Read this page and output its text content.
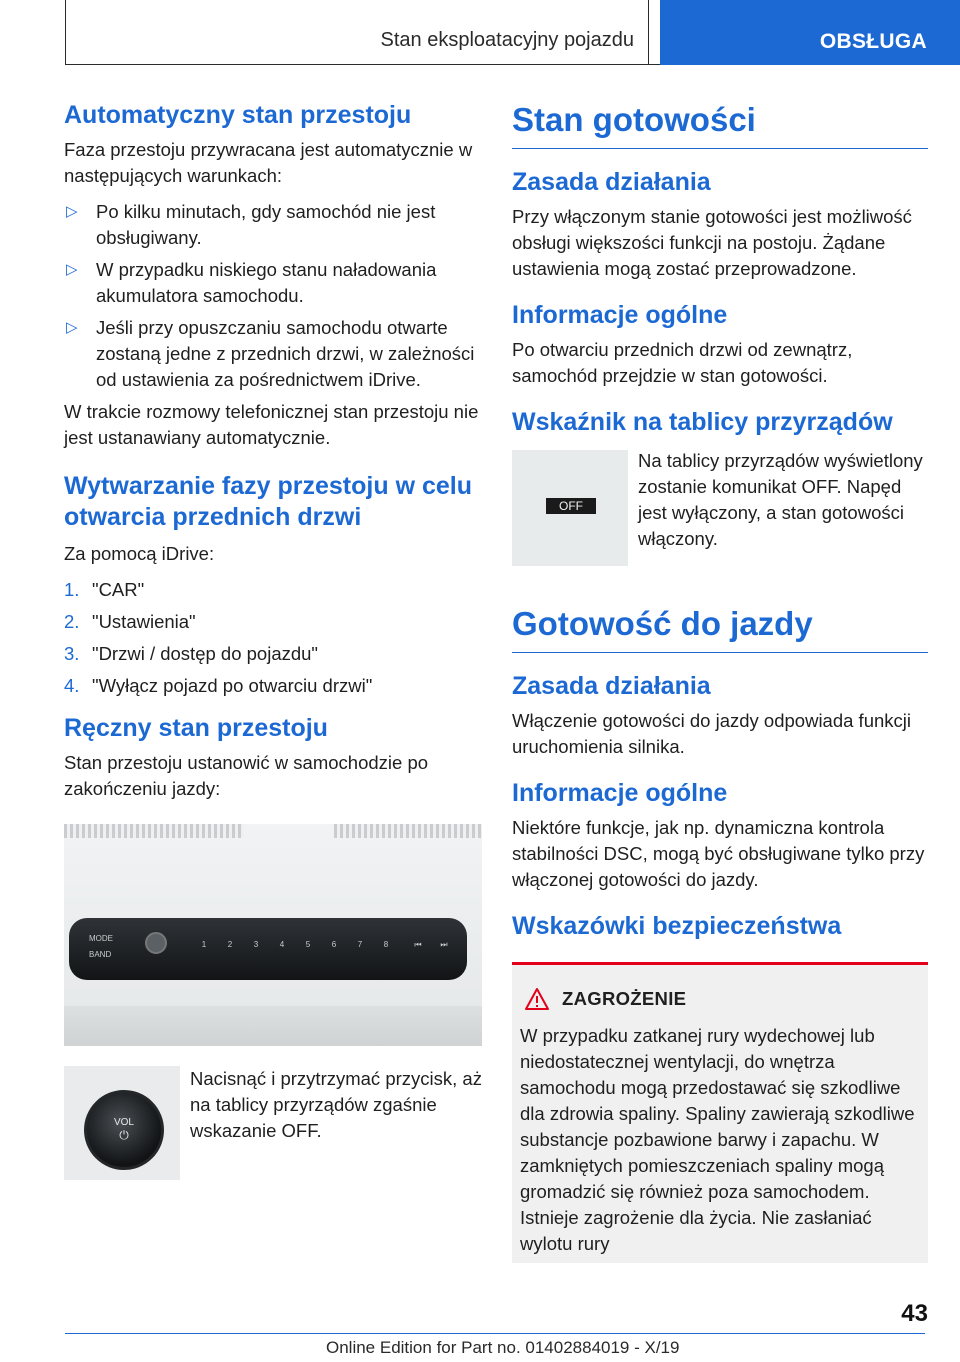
Stan eksploatacyjny pojazdu	OBSŁUGA
Automatyczny stan przestoju

Faza przestoju przywracana jest automatycznie w następujących warunkach:

▷ Po kilku minutach, gdy samochód nie jest obsługiwany.
▷ W przypadku niskiego stanu naładowania akumulatora samochodu.
▷ Jeśli przy opuszczaniu samochodu otwarte zostaną jedne z przednich drzwi, w zależności od ustawienia za pośrednictwem iDrive.

W trakcie rozmowy telefonicznej stan przestoju nie jest ustanawiany automatycznie.

Wytwarzanie fazy przestoju w celu otwarcia przednich drzwi

Za pomocą iDrive:

1. "CAR"
2. "Ustawienia"
3. "Drzwi / dostęp do pojazdu"
4. "Wyłącz pojazd po otwarciu drzwi"
Ręczny stan przestoju

Stan przestoju ustanowić w samochodzie po zakończeniu jazdy:

MODE
BAND
1	2	3	4	5	6	7	8	⏮	⏭
VOL
⏻

Nacisnąć i przytrzymać przycisk, aż na tablicy przyrządów zgaśnie wskazanie OFF.

Stan gotowości
Zasada działania

Przy włączonym stanie gotowości jest możliwość obsługi większości funkcji na postoju. Żądane ustawienia mogą zostać przeprowadzone.

Informacje ogólne

Po otwarciu przednich drzwi od zewnątrz, samochód przejdzie w stan gotowości.

Wskaźnik na tablicy przyrządów
OFF

Na tablicy przyrządów wyświetlony zostanie komunikat OFF. Napęd jest wyłączony, a stan gotowości włączony.

Gotowość do jazdy
Zasada działania

Włączenie gotowości do jazdy odpowiada funkcji uruchomienia silnika.

Informacje ogólne

Niektóre funkcje, jak np. dynamiczna kontrola stabilności DSC, mogą być obsługiwane tylko przy włączonej gotowości do jazdy.

Wskazówki bezpieczeństwa
ZAGROŻENIE

W przypadku zatkanej rury wydechowej lub niedostatecznej wentylacji, do wnętrza samochodu mogą przedostawać się szkodliwe dla zdrowia spaliny. Spaliny zawierają szkodliwe substancje pozbawione barwy i zapachu. W zamkniętych pomieszczeniach spaliny mogą gromadzić się również poza samochodem. Istnieje zagrożenie dla życia. Nie zasłaniać wylotu rury

43
Online Edition for Part no. 01402884019 - X/19
